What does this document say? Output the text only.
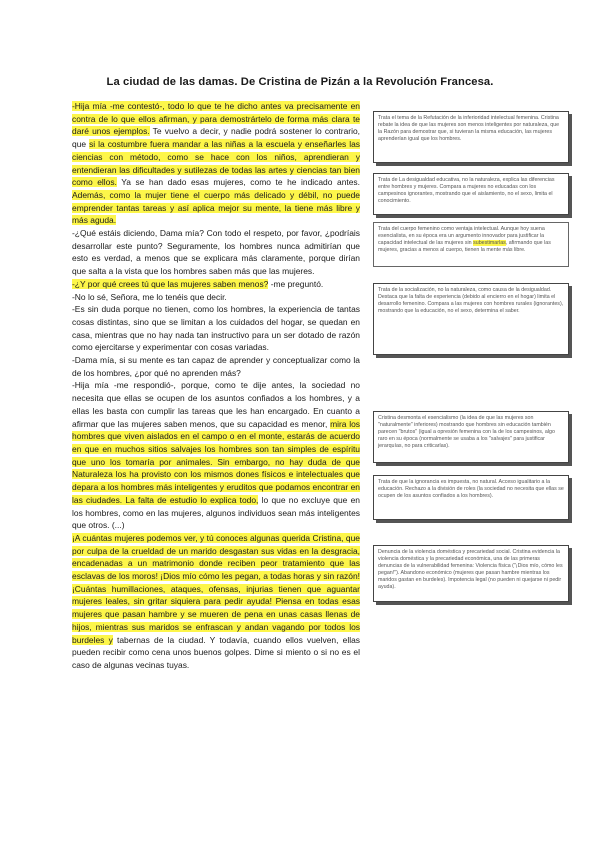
La ciudad de las damas. De Cristina de Pizán a la Revolución Francesa.

-Hija mía -me contestó-, todo lo que te he dicho antes va precisamente en contra de lo que ellos afirman, y para demostrártelo de forma más clara te daré unos ejemplos. Te vuelvo a decir, y nadie podrá sostener lo contrario, que si la costumbre fuera mandar a las niñas a la escuela y enseñarles las ciencias con método, como se hace con los niños, aprendieran y entendieran las dificultades y sutilezas de todas las artes y ciencias tan bien como ellos. Ya se han dado esas mujeres, como te he indicado antes. Además, como la mujer tiene el cuerpo más delicado y débil, no puede emprender tantas tareas y así aplica mejor su mente, la tiene más libre y más aguda.

-¿Qué estáis diciendo, Dama mía? Con todo el respeto, por favor, ¿podríais desarrollar este punto? Seguramente, los hombres nunca admitirían que esto es verdad, a menos que se explicara más claramente, porque dirían que salta a la vista que los hombres saben más que las mujeres.

-¿Y por qué crees tú que las mujeres saben menos? -me preguntó.

-No lo sé, Señora, me lo tenéis que decir.

-Es sin duda porque no tienen, como los hombres, la experiencia de tantas cosas distintas, sino que se limitan a los cuidados del hogar, se quedan en casa, mientras que no hay nada tan instructivo para un ser dotado de razón como ejercitarse y experimentar con cosas variadas.

-Dama mía, si su mente es tan capaz de aprender y conceptualizar como la de los hombres, ¿por qué no aprenden más?

-Hija mía -me respondió-, porque, como te dije antes, la sociedad no necesita que ellas se ocupen de los asuntos confiados a los hombres, y a ellas les basta con cumplir las tareas que les han encargado. En cuanto a afirmar que las mujeres saben menos, que su capacidad es menor, mira los hombres que viven aislados en el campo o en el monte, estarás de acuerdo en que en muchos sitios salvajes los hombres son tan simples de espíritu que uno los tomaría por animales. Sin embargo, no hay duda de que Naturaleza los ha provisto con los mismos dones físicos e intelectuales que depara a los hombres más inteligentes y eruditos que podamos encontrar en las ciudades. La falta de estudio lo explica todo, lo que no excluye que en los hombres, como en las mujeres, algunos individuos sean más inteligentes que otros. (...)

¡A cuántas mujeres podemos ver, y tú conoces algunas querida Cristina, que por culpa de la crueldad de un marido desgastan sus vidas en la desgracia, encadenadas a un matrimonio donde reciben peor tratamiento que las esclavas de los moros! ¡Dios mío cómo les pegan, a todas horas y sin razón! ¡Cuántas humillaciones, ataques, ofensas, injurias tienen que aguantar mujeres leales, sin gritar siquiera para pedir ayuda! Piensa en todas esas mujeres que pasan hambre y se mueren de pena en unas casas llenas de hijos, mientras sus maridos se enfrascan y andan vagando por todos los burdeles y tabernas de la ciudad. Y todavía, cuando ellos vuelven, ellas pueden recibir como cena unos buenos golpes. Dime si miento o si no es el caso de algunas vecinas tuyas.

Trata el tema de la Refutación de la inferioridad intelectual femenina. Cristina rebate la idea de que las mujeres son menos inteligentes por naturaleza, que la Razón para demostrar que, si tuvieran la misma educación, las mujeres aprenderían igual que los hombres.
Trata de La desigualdad educativa, no la naturaleza, explica las diferencias entre hombres y mujeres. Compara a mujeres no educadas con los campesinos ignorantes, mostrando que el aislamiento, no el sexo, limita el conocimiento.
Trata del cuerpo femenino como ventaja intelectual. Aunque hoy suena esencialista, en su época era un argumento innovador para justificar la capacidad intelectual de las mujeres sin subestimarlas, afirmando que las mujeres, gracias a menos al cuerpo, tienen la mente más libre.
Trata de la socialización, no la naturaleza, como causa de la desigualdad. Destaca que la falta de experiencia (debido al encierro en el hogar) limita el desarrollo femenino. Compara a las mujeres con hombres rurales (ignorantes), mostrando que la educación, no el sexo, determina el saber.
Cristina desmonta el esencialismo (la idea de que las mujeres son "naturalmente" inferiores) mostrando que hombres sin educación también parecen "brutos" (igual a opresión femenina con la de los campesinos, algo raro en su época (normalmente se usaba a los "salvajes" para justificar jerarquías, no para criticarlas).
Trata de que la ignorancia es impuesta, no natural. Acceso igualitario a la educación. Rechazo a la división de roles (la sociedad no necesita que ellas se ocupen de los asuntos confiados a los hombres).
Denuncia de la violencia doméstica y precariedad social. Cristina evidencia la violencia doméstica y la precariedad económica, una de las primeras denuncias de la vulnerabilidad femenina: Violencia física ("¡Dios mío, cómo les pegan!"). Abandono económico (mujeres que pasan hambre mientras los maridos gastan en burdeles). Impotencia legal (no pueden ni quejarse ni pedir ayuda).
